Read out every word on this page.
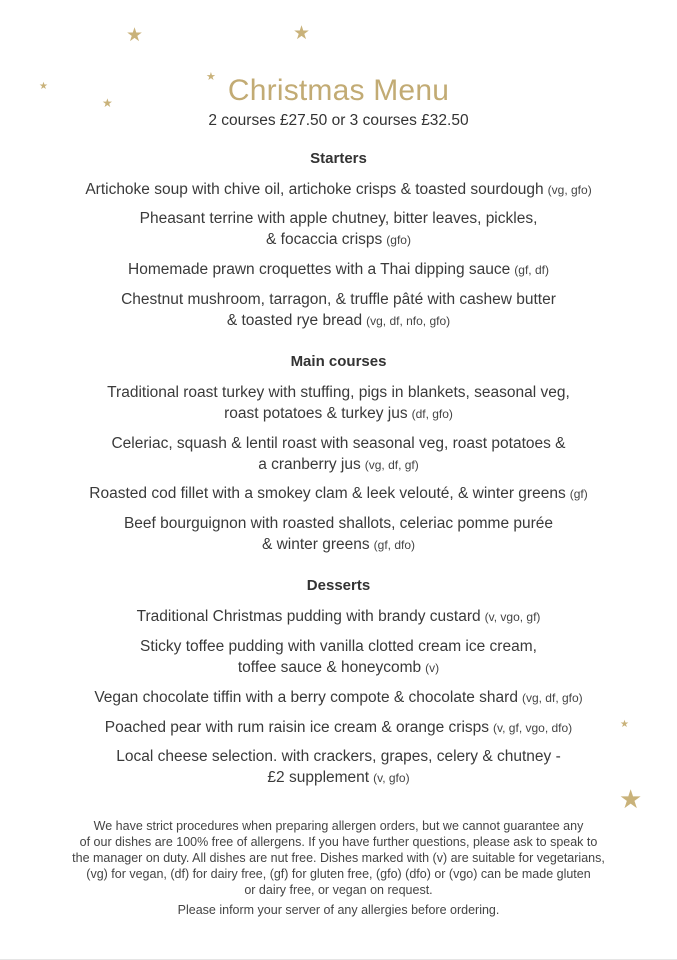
★	★
★
★
★
★
★
Christmas Menu
2 courses £27.50 or 3 courses £32.50
Starters
Artichoke soup with chive oil, artichoke crisps & toasted sourdough (vg, gfo)
Pheasant terrine with apple chutney, bitter leaves, pickles,
& focaccia crisps (gfo)
Homemade prawn croquettes with a Thai dipping sauce (gf, df)
Chestnut mushroom, tarragon, & truffle pâté with cashew butter
& toasted rye bread (vg, df, nfo, gfo)
Main courses
Traditional roast turkey with stuffing, pigs in blankets, seasonal veg,
roast potatoes & turkey jus (df, gfo)
Celeriac, squash & lentil roast with seasonal veg, roast potatoes &
a cranberry jus (vg, df, gf)
Roasted cod fillet with a smokey clam & leek velouté, & winter greens (gf)
Beef bourguignon with roasted shallots, celeriac pomme purée
& winter greens (gf, dfo)
Desserts
Traditional Christmas pudding with brandy custard (v, vgo, gf)
Sticky toffee pudding with vanilla clotted cream ice cream,
toffee sauce & honeycomb (v)
Vegan chocolate tiffin with a berry compote & chocolate shard (vg, df, gfo)
Poached pear with rum raisin ice cream & orange crisps (v, gf, vgo, dfo)
Local cheese selection. with crackers, grapes, celery & chutney -
£2 supplement (v, gfo)
We have strict procedures when preparing allergen orders, but we cannot guarantee any
of our dishes are 100% free of allergens. If you have further questions, please ask to speak to
the manager on duty. All dishes are nut free. Dishes marked with (v) are suitable for vegetarians,
(vg) for vegan, (df) for dairy free, (gf) for gluten free, (gfo) (dfo) or (vgo) can be made gluten
or dairy free, or vegan on request.
Please inform your server of any allergies before ordering.
